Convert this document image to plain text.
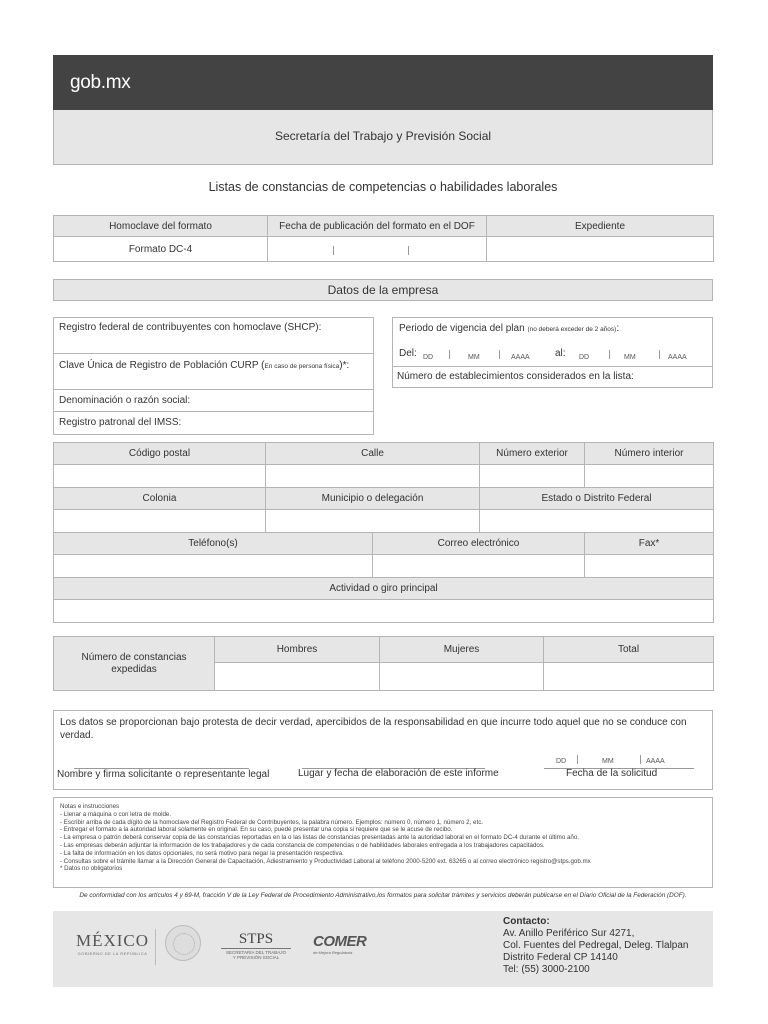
gob.mx
Secretaría del Trabajo y Previsión Social
Listas de constancias de competencias o habilidades laborales
Homoclave del formato	Fecha de publicación del formato en el DOF	Expediente
Formato DC-4	

Datos de la empresa
Registro federal de contribuyentes con homoclave (SHCP):
Clave Única de Registro de Población CURP (En caso de persona física)*:
Denominación o razón social:
Registro patronal del IMSS:
Periodo de vigencia del plan (no deberá exceder de 2 años):
Del: DD	MM	AAAA	al: DD	MM	AAAA
Número de establecimientos considerados en la lista:
Código postal	Calle		Número exterior	Número interior

Colonia	Municipio o delegación		Estado o Distrito Federal	

Teléfono(s)		Correo electrónico		Fax*

Actividad o giro principal				

Número de constancias expedidas	Hombres	Mujeres	Total

Los datos se proporcionan bajo protesta de decir verdad, apercibidos de la responsabilidad en que incurre todo aquel que no se conduce con verdad.
DD	MM	AAAA
Nombre y firma solicitante o representante legal	Lugar y fecha de elaboración de este informe	Fecha de la solicitud
Notas e instrucciones
- Llenar a máquina o con letra de molde.
- Escribir arriba de cada dígito de la homoclave del Registro Federal de Contribuyentes, la palabra número. Ejemplos: número 0, número 1, número 2, etc.
- Entregar el formato a la autoridad laboral solamente en original. En su caso, puede presentar una copia si requiere que se le acuse de recibo.
- La empresa o patrón deberá conservar copia de las constancias reportadas en la o las listas de constancias presentadas ante la autoridad laboral en el formato DC-4 durante el último año.
- Las empresas deberán adjuntar la información de los trabajadores y de cada constancia de competencias o de habilidades laborales entregada a los trabajadores capacitados.
- La falta de información en los datos opcionales, no será motivo para negar la presentación respectiva.
- Consultas sobre el trámite llamar a la Dirección General de Capacitación, Adiestramiento y Productividad Laboral al teléfono 2000-5200 ext. 63265 o al correo electrónico registro@stps.gob.mx
* Datos no obligatorios
De conformidad con los artículos 4 y 69-M, fracción V de la Ley Federal de Procedimiento Administrativo,los formatos para solicitar trámites y servicios deberán publicarse en el Diario Oficial de la Federación (DOF).
MÉXICO
GOBIERNO DE LA REPÚBLICA
STPS
SECRETARÍA DEL TRABAJO
Y PREVISIÓN SOCIAL
COMER
de Mejora Regulatoria
Contacto:
Av. Anillo Periférico Sur 4271,
Col. Fuentes del Pedregal, Deleg. Tlalpan
Distrito Federal CP 14140
Tel: (55) 3000-2100
